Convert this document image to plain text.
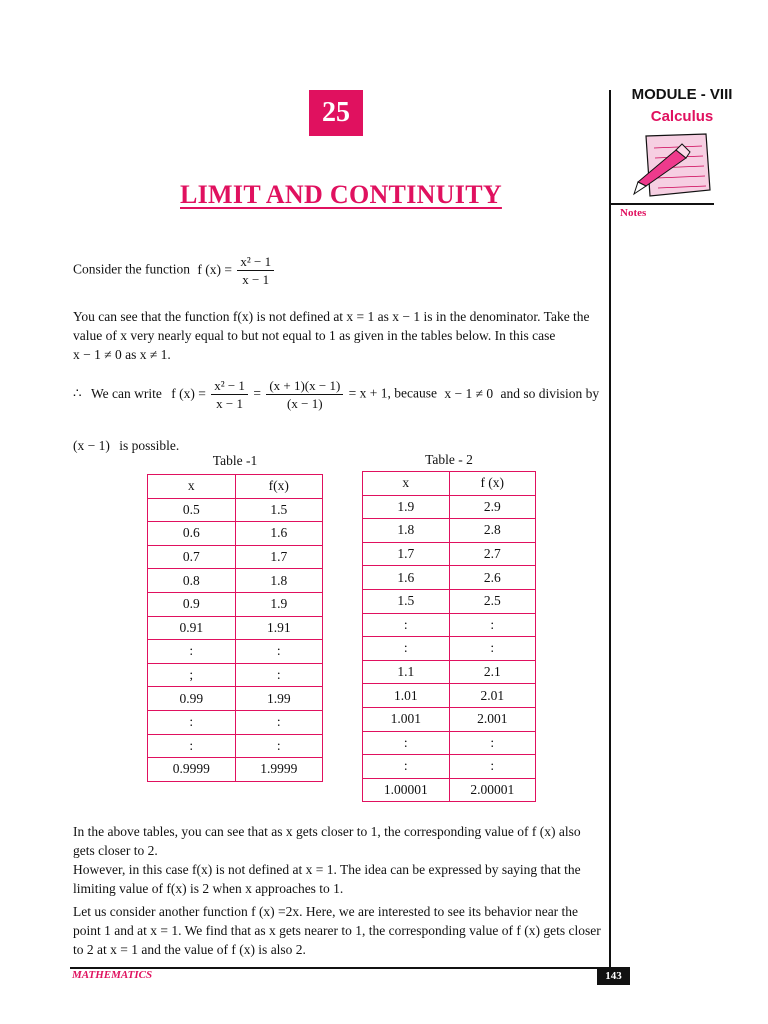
MODULE - VIII
Calculus
Notes
25
LIMIT AND CONTINUITY
Consider the function f $(x) = \frac{\text{x² − 1}}{x - 1}$
You can see that the function f(x) is not defined at x = 1 as x − 1 is in the denominator. Take the value of x very nearly equal to but not equal to 1 as given in the tables below. In this case
x − 1 ≠ 0 as x ≠ 1.
∴ We can write f $(x) = \frac{\text{x² − 1}}{x - 1} = \frac{(x + 1)(x - 1)}{(x - 1)} = x + 1$, because x − 1 ≠ 0 and so division by
(x − 1) is possible.
Table -1	Table - 2
x	f(x)
0.5	1.5
0.6	1.6
0.7	1.7
0.8	1.8
0.9	1.9
0.91	1.91
:	:
;	:
0.99	1.99
:	:
:	:
0.9999	1.9999
x	f (x)
1.9	2.9
1.8	2.8
1.7	2.7
1.6	2.6
1.5	2.5
:	:
:	:
1.1	2.1
1.01	2.01
1.001	2.001
:	:
:	:
1.00001	2.00001
In the above tables, you can see that as x gets closer to 1, the corresponding value of f (x) also gets closer to 2.
However, in this case f(x) is not defined at x = 1. The idea can be expressed by saying that the limiting value of f(x) is 2 when x approaches to 1.
Let us consider another function f (x) =2x. Here, we are interested to see its behavior near the point 1 and at x = 1. We find that as x gets nearer to 1, the corresponding value of f (x) gets closer to 2 at x = 1 and the value of f (x) is also 2.
MATHEMATICS	143
